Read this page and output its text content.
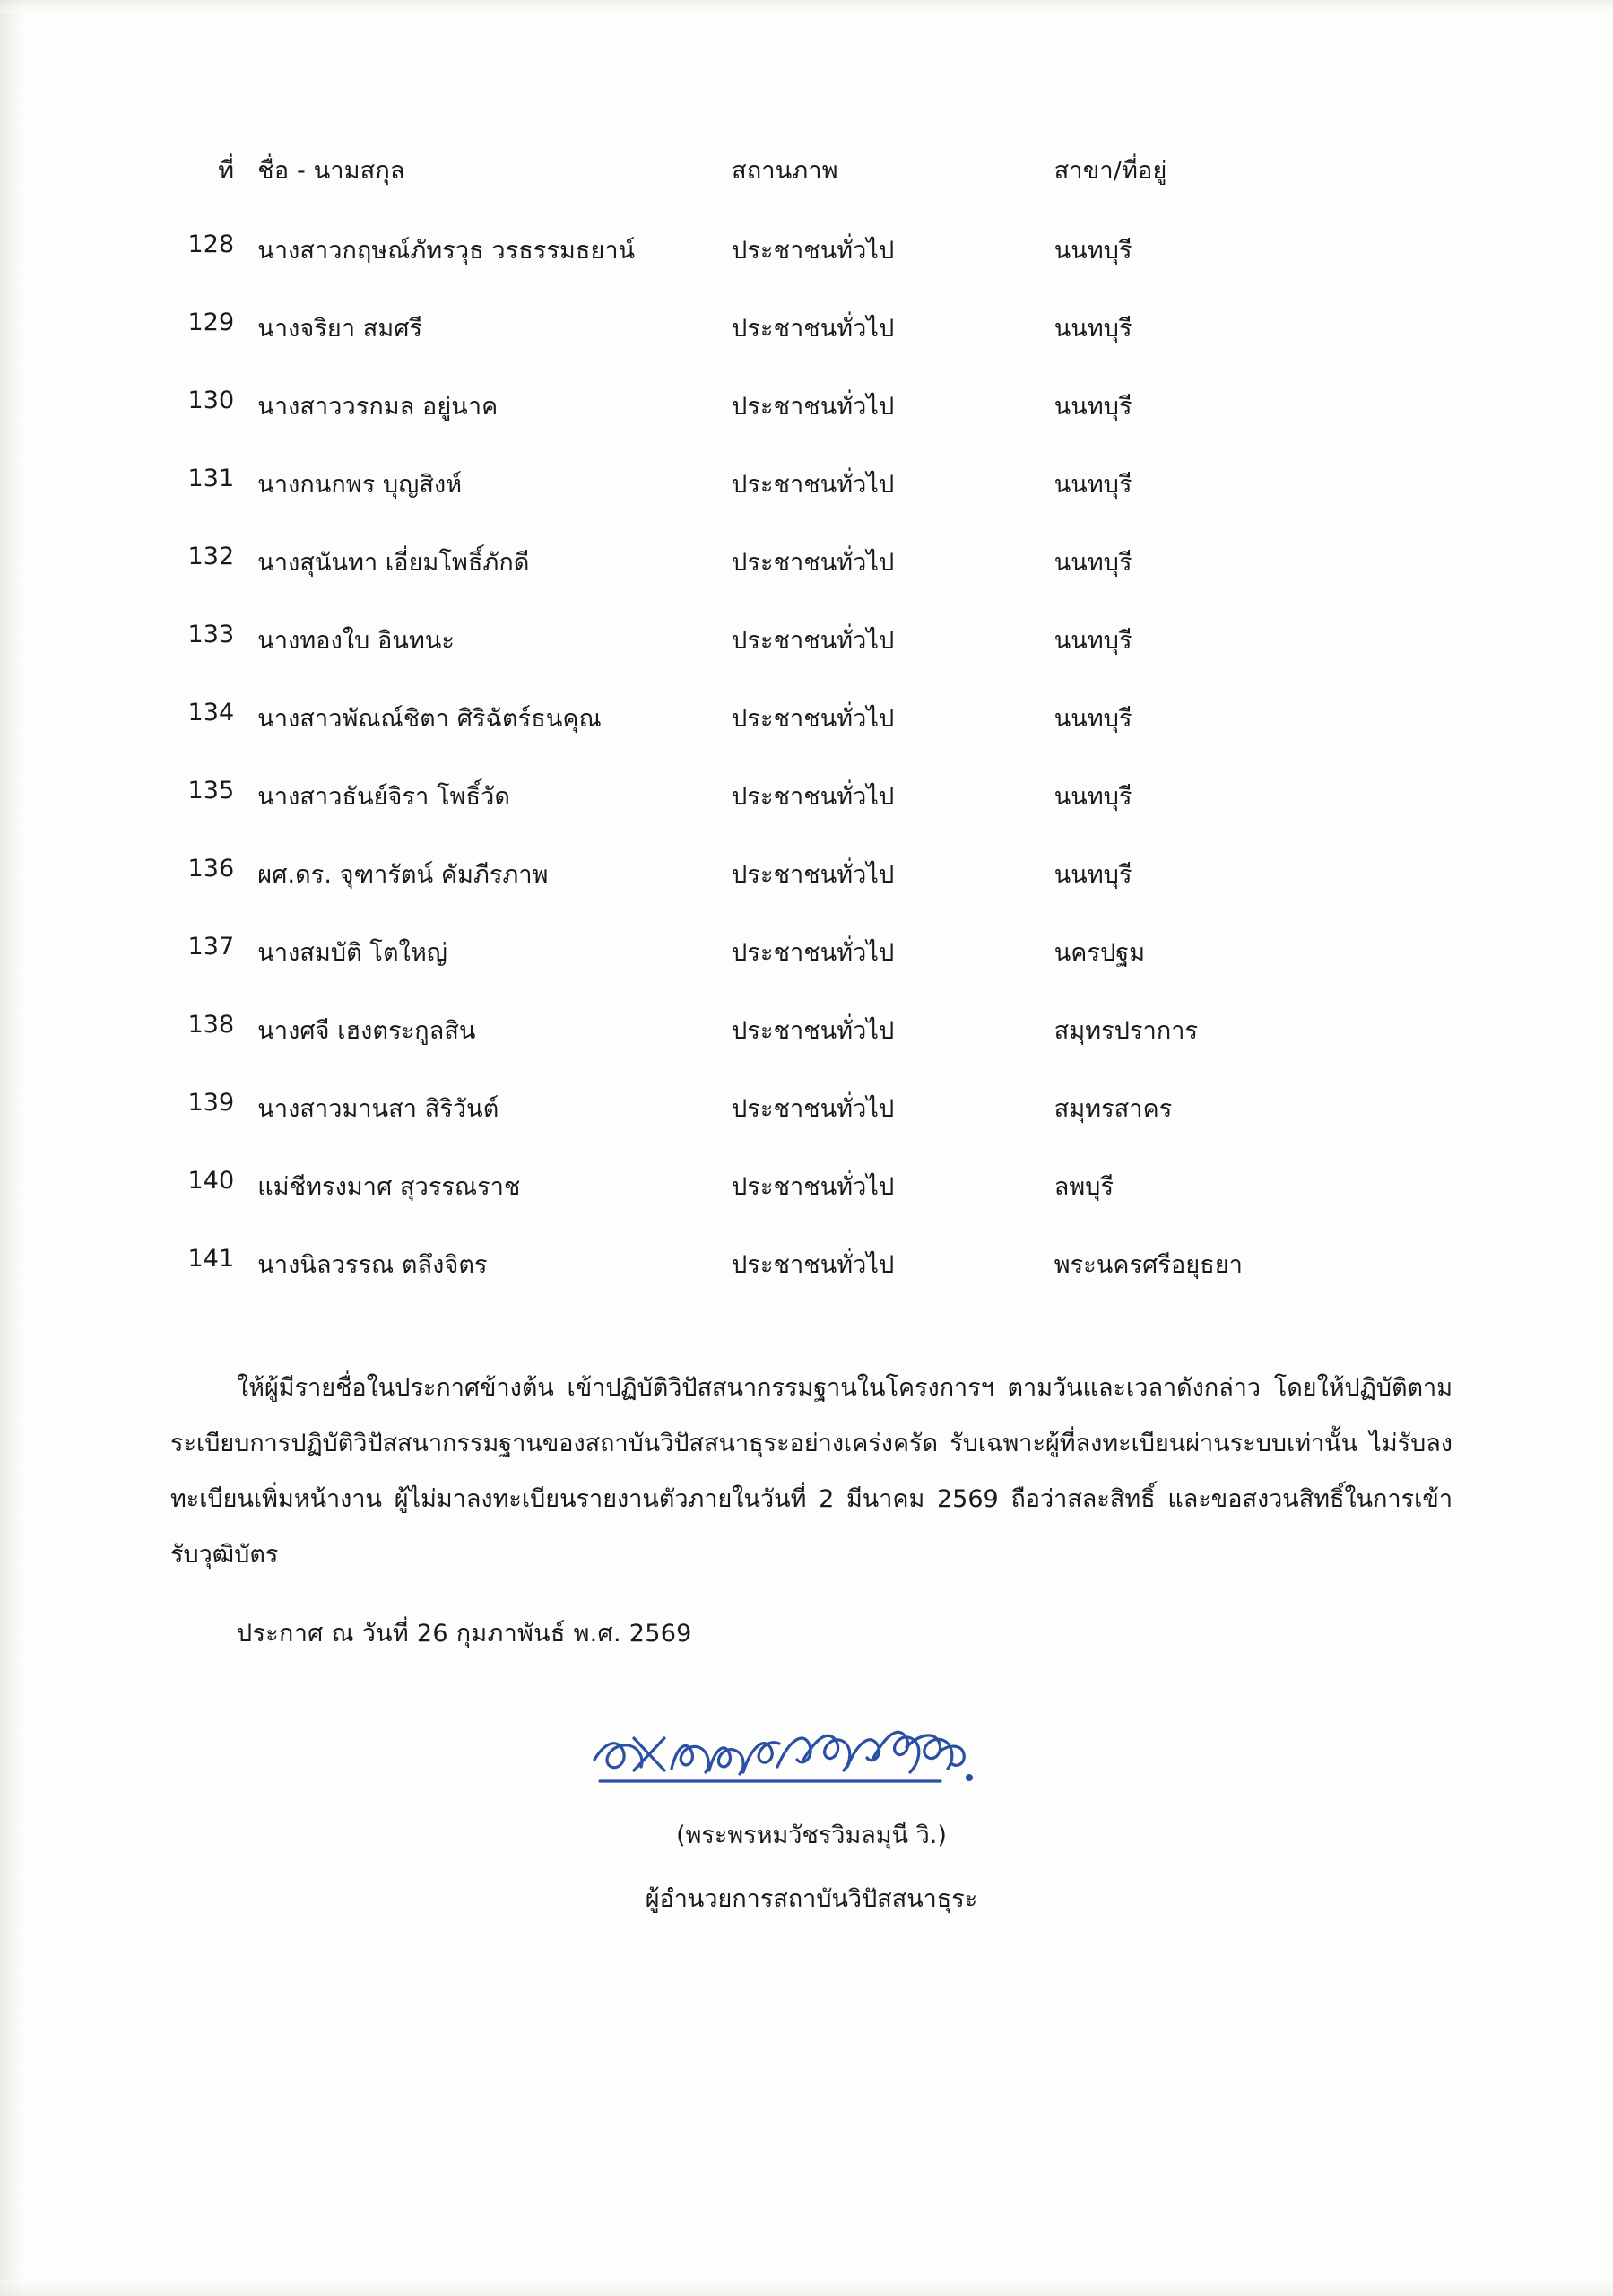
ที่	ชื่อ - นามสกุล	สถานภาพ	สาขา/ที่อยู่
128	นางสาวกฤษณ์ภัทรวุธ วรธรรมธยาน์	ประชาชนทั่วไป	นนทบุรี
129	นางจริยา สมศรี	ประชาชนทั่วไป	นนทบุรี
130	นางสาววรกมล อยู่นาค	ประชาชนทั่วไป	นนทบุรี
131	นางกนกพร บุญสิงห์	ประชาชนทั่วไป	นนทบุรี
132	นางสุนันทา เอี่ยมโพธิ์ภักดี	ประชาชนทั่วไป	นนทบุรี
133	นางทองใบ อินทนะ	ประชาชนทั่วไป	นนทบุรี
134	นางสาวพัณณ์ชิตา ศิริฉัตร์ธนคุณ	ประชาชนทั่วไป	นนทบุรี
135	นางสาวธันย์จิรา โพธิ์วัด	ประชาชนทั่วไป	นนทบุรี
136	ผศ.ดร. จุฑารัตน์ คัมภีรภาพ	ประชาชนทั่วไป	นนทบุรี
137	นางสมบัติ โตใหญ่	ประชาชนทั่วไป	นครปฐม
138	นางศจี เฮงตระกูลสิน	ประชาชนทั่วไป	สมุทรปราการ
139	นางสาวมานสา สิริวันต์	ประชาชนทั่วไป	สมุทรสาคร
140	แม่ชีทรงมาศ สุวรรณราช	ประชาชนทั่วไป	ลพบุรี
141	นางนิลวรรณ ตลึงจิตร	ประชาชนทั่วไป	พระนครศรีอยุธยา

ให้ผู้มีรายชื่อในประกาศข้างต้น เข้าปฏิบัติวิปัสสนากรรมฐานในโครงการฯ ตามวันและเวลาดังกล่าว โดยให้ปฏิบัติตามระเบียบการปฏิบัติวิปัสสนากรรมฐานของสถาบันวิปัสสนาธุระอย่างเคร่งครัด รับเฉพาะผู้ที่ลงทะเบียนผ่านระบบเท่านั้น ไม่รับลงทะเบียนเพิ่มหน้างาน ผู้ไม่มาลงทะเบียนรายงานตัวภายในวันที่ 2 มีนาคม 2569 ถือว่าสละสิทธิ์ และขอสงวนสิทธิ์ในการเข้ารับวุฒิบัตร

ประกาศ ณ วันที่ 26 กุมภาพันธ์ พ.ศ. 2569
(พระพรหมวัชรวิมลมุนี วิ.)
ผู้อำนวยการสถาบันวิปัสสนาธุระ
